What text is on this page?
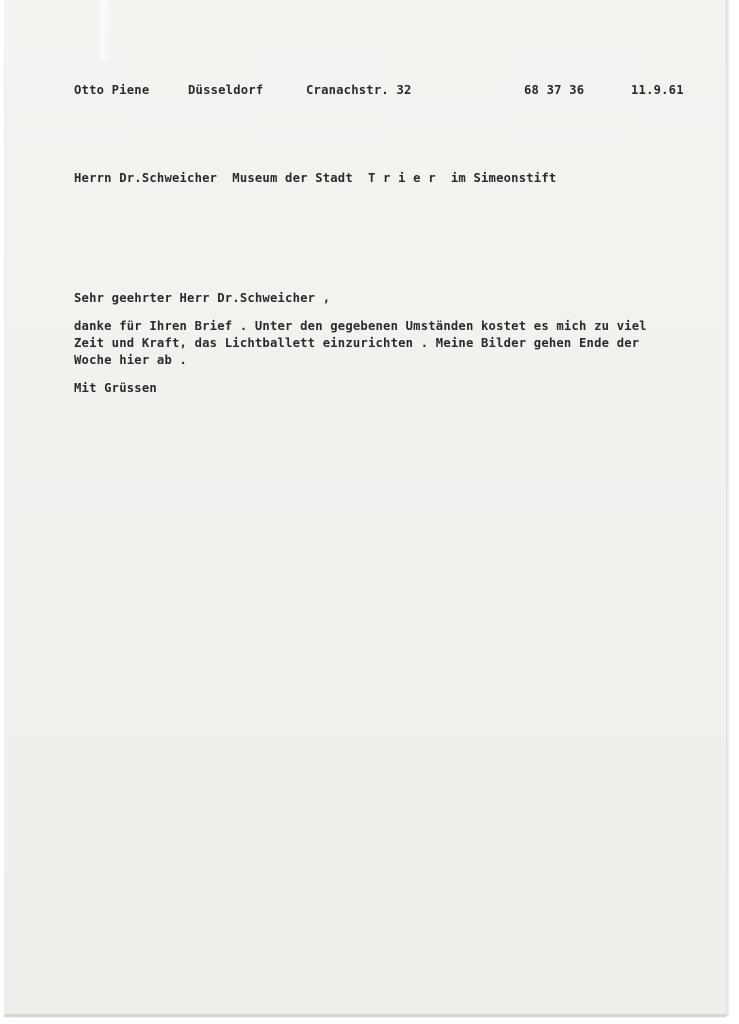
Otto Piene	Düsseldorf	Cranachstr. 32	68 37 36	11.9.61
Herrn Dr.Schweicher  Museum der Stadt  T r i e r  im Simeonstift
Sehr geehrter Herr Dr.Schweicher ,
danke für Ihren Brief . Unter den gegebenen Umständen kostet es mich zu viel
Zeit und Kraft, das Lichtballett einzurichten . Meine Bilder gehen Ende der
Woche hier ab .
Mit Grüssen
